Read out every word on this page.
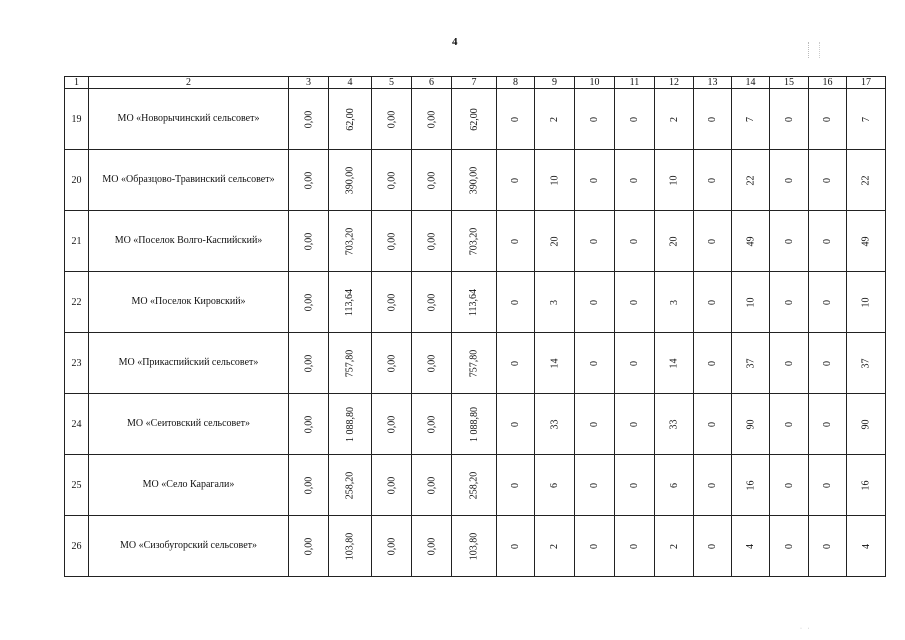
4
· ·
1	2	3	4	5	6	7	8	9	10	11	12	13	14	15	16	17
19	МО «Новорычинский сельсовет»	0,00	62,00	0,00	0,00	62,00	0	2	0	0	2	0	7	0	0	7
20	МО «Образцово-Травинский сельсовет»	0,00	390,00	0,00	0,00	390,00	0	10	0	0	10	0	22	0	0	22
21	МО «Поселок Волго-Каспийский»	0,00	703,20	0,00	0,00	703,20	0	20	0	0	20	0	49	0	0	49
22	МО «Поселок Кировский»	0,00	113,64	0,00	0,00	113,64	0	3	0	0	3	0	10	0	0	10
23	МО «Прикаспийский сельсовет»	0,00	757,80	0,00	0,00	757,80	0	14	0	0	14	0	37	0	0	37
24	МО «Сеитовский сельсовет»	0,00	1 088,80	0,00	0,00	1 088,80	0	33	0	0	33	0	90	0	0	90
25	МО «Село Карагали»	0,00	258,20	0,00	0,00	258,20	0	6	0	0	6	0	16	0	0	16
26	МО «Сизобугорский сельсовет»	0,00	103,80	0,00	0,00	103,80	0	2	0	0	2	0	4	0	0	4
